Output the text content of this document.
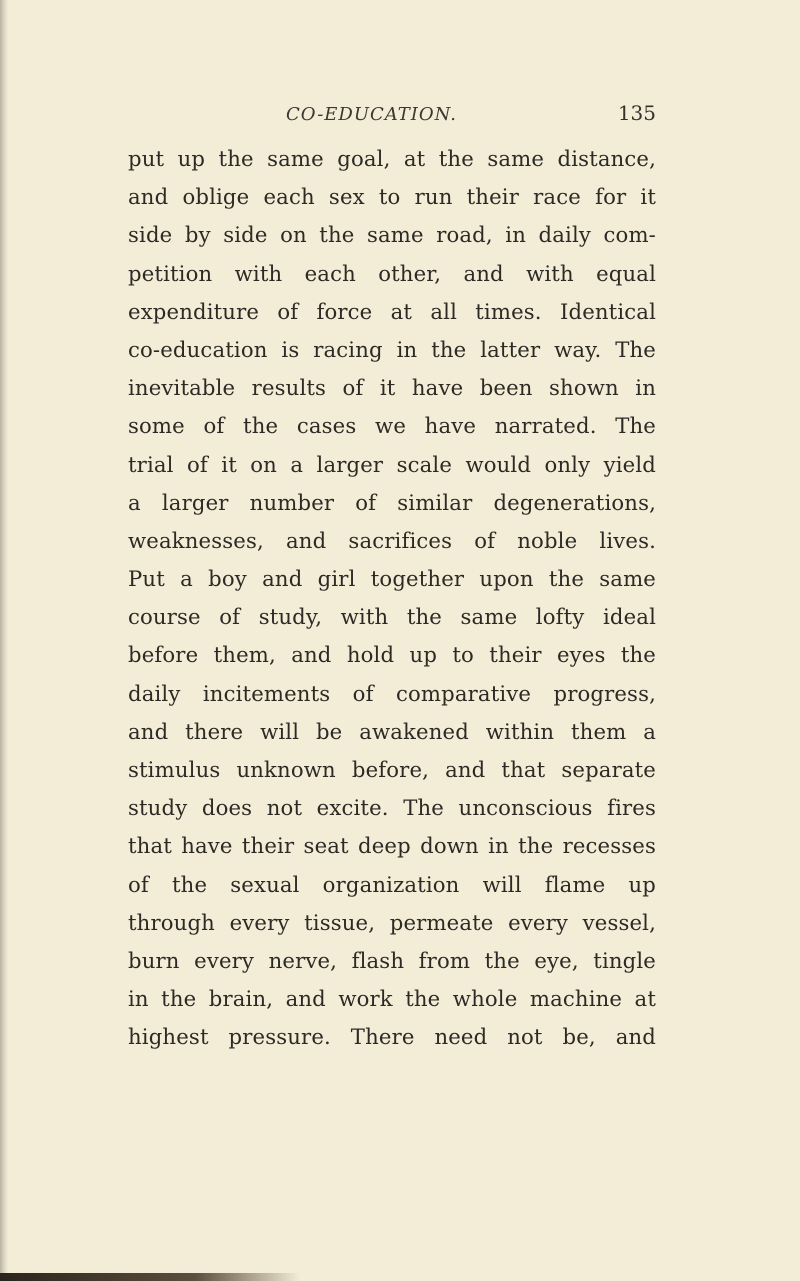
CO-EDUCATION.	135
put up the same goal, at the same distance,
and oblige each sex to run their race for it
side by side on the same road, in daily com-
petition with each other, and with equal
expenditure of force at all times. Identical
co-education is racing in the latter way. The
inevitable results of it have been shown in
some of the cases we have narrated. The
trial of it on a larger scale would only yield
a larger number of similar degenerations,
weaknesses, and sacrifices of noble lives.
Put a boy and girl together upon the same
course of study, with the same lofty ideal
before them, and hold up to their eyes the
daily incitements of comparative progress,
and there will be awakened within them a
stimulus unknown before, and that separate
study does not excite. The unconscious fires
that have their seat deep down in the recesses
of the sexual organization will flame up
through every tissue, permeate every vessel,
burn every nerve, flash from the eye, tingle
in the brain, and work the whole machine at
highest pressure. There need not be, and
